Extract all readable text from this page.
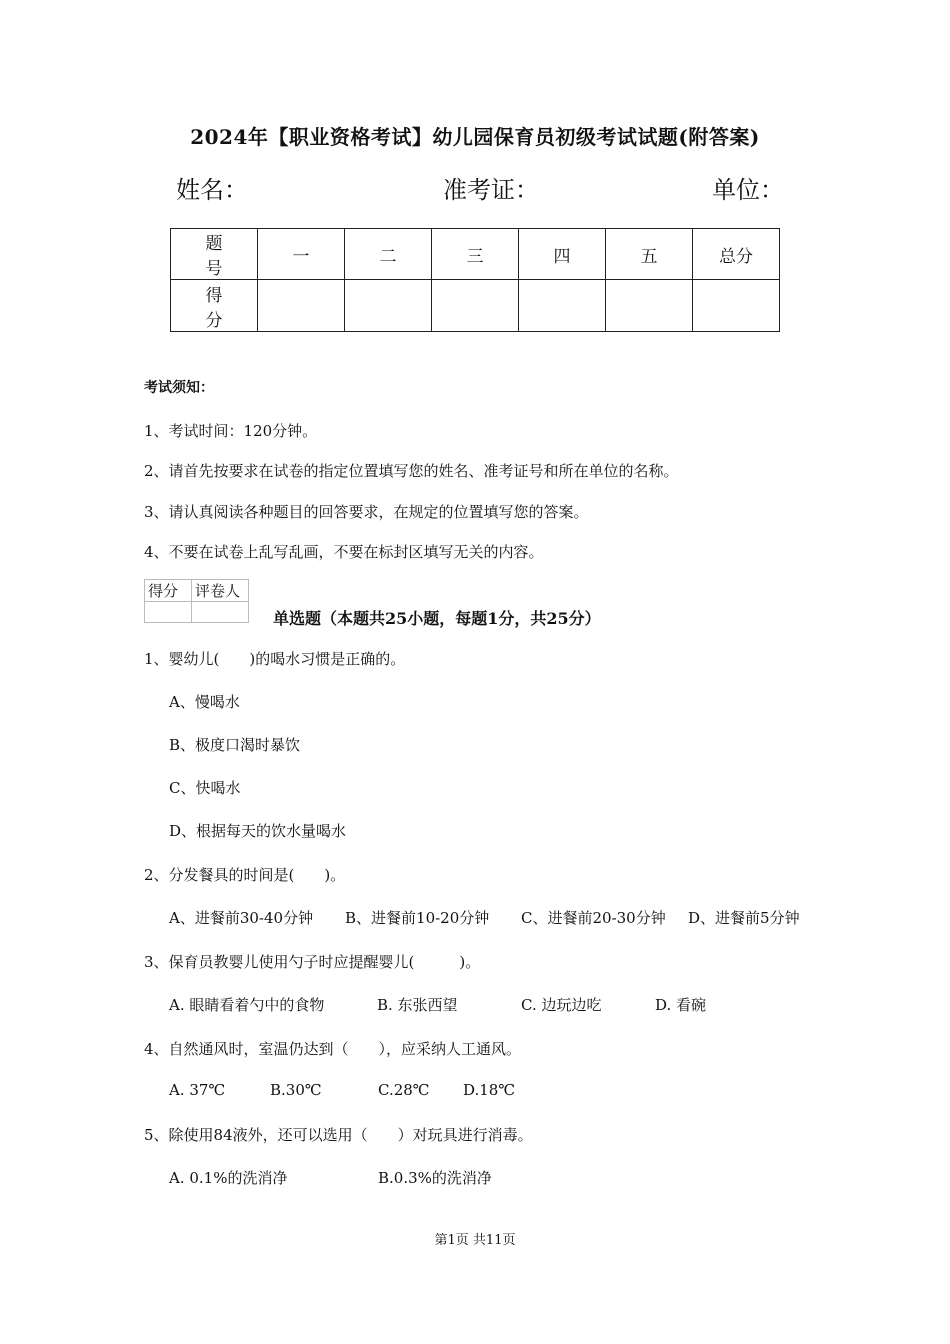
2024年【职业资格考试】幼儿园保育员初级考试试题(附答案)
姓名：	准考证：	单位：
题　号	一	二	三	四	五	总分
得　分						
考试须知：
1、考试时间：120分钟。
2、请首先按要求在试卷的指定位置填写您的姓名、准考证号和所在单位的名称。
3、请认真阅读各种题目的回答要求，在规定的位置填写您的答案。
4、不要在试卷上乱写乱画，不要在标封区填写无关的内容。
得分	评卷人

单选题（本题共25小题，每题1分，共25分）
1、婴幼儿(　　)的喝水习惯是正确的。
A、慢喝水
B、极度口渴时暴饮
C、快喝水
D、根据每天的饮水量喝水
2、分发餐具的时间是(　　)。
A、进餐前30-40分钟 B、进餐前10-20分钟 C、进餐前20-30分钟 D、进餐前5分钟
3、保育员教婴儿使用勺子时应提醒婴儿(　　　)。
A. 眼睛看着勺中的食物	B. 东张西望	C. 边玩边吃	D. 看碗
4、自然通风时，室温仍达到（　　），应采纳人工通风。
A. 37℃	B.30℃	C.28℃ D.18℃
5、除使用84液外，还可以选用（　　）对玩具进行消毒。
A. 0.1%的洗消净	B.0.3%的洗消净
第1页 共11页
